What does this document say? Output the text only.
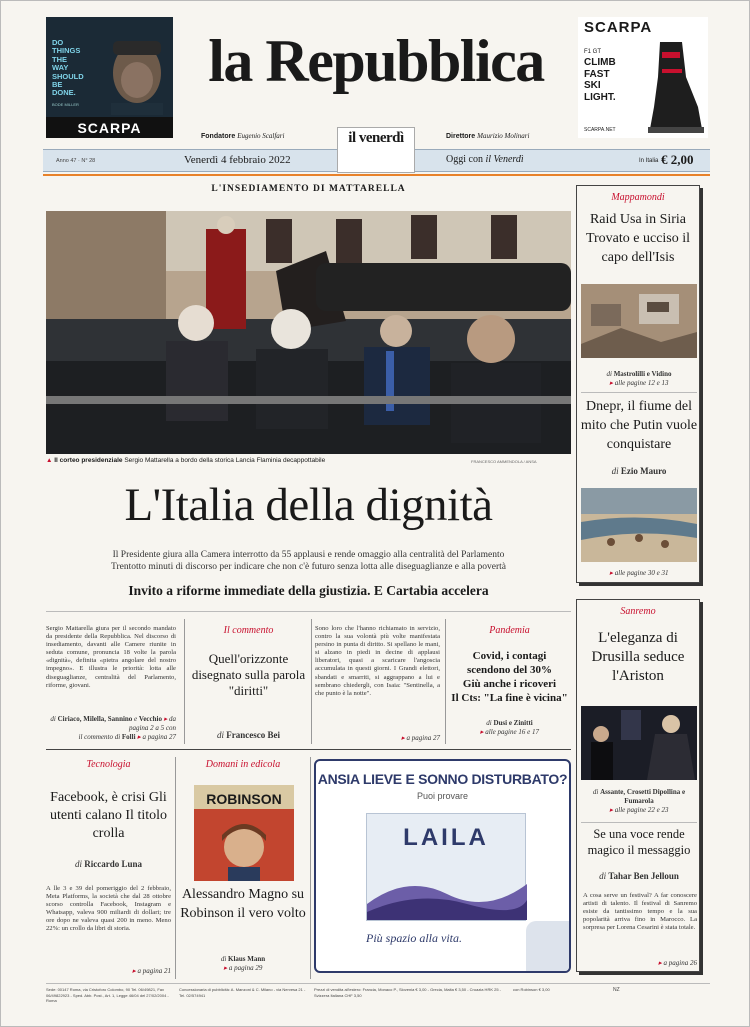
DO
THINGS
THE
WAY
SHOULD
BE
DONE.
BODE MILLER
SCARPA
la Repubblica
Fondatore Eugenio Scalfari	Direttore Maurizio Molinari
SCARPA
F1 GT
CLIMB
FAST
SKI
LIGHT.
SCARPA.NET
il venerdì
Anno 47 · N° 28	Venerdì 4 febbraio 2022	Oggi con il Venerdì	In Italia € 2,00
L'INSEDIAMENTO DI MATTARELLA
▲ Il corteo presidenziale Sergio Mattarella a bordo della storica Lancia Flaminia decappottabile	FRANCESCO AMMENDOLA / ANSA
L'Italia della dignità
Il Presidente giura alla Camera interrotto da 55 applausi e rende omaggio alla centralità del Parlamento
Trentotto minuti di discorso per indicare che non c'è futuro senza lotta alle diseguaglianze e alla povertà
Invito a riforme immediate della giustizia. E Cartabia accelera
Sergio Mattarella giura per il secondo mandato da presidente della Repubblica. Nel discorso di insediamento, davanti alle Camere riunite in seduta comune, pronuncia 18 volte la parola «dignità», definita «pietra angolare del nostro impegno». E illustra le priorità: lotta alle diseguaglianze, centralità del Parlamento, riforme, giovani.
di Ciriaco, Milella, Sannino e Vecchio ▸ da pagina 2 a 5 con
il commento di Folli ▸ a pagina 27
Il commento
Quell'orizzonte disegnato sulla parola "diritti"
di Francesco Bei
Sono loro che l'hanno richiamato in servizio, contro la sua volontà più volte manifestata persino in punta di diritto. Si spellano le mani, si alzano in piedi in decine di applausi liberatori, quasi a scaricare l'angoscia accumulata in questi giorni. I Grandi elettori, sbandati e smarriti, si aggrappano a lui e sembrano chiedergli, con Isaia: "Sentinella, a che punto è la notte".
▸ a pagina 27
Pandemia
Covid, i contagi
scendono del 30%
Giù anche i ricoveri
Il Cts: "La fine è vicina"
di Dusi e Zinitti
▸ alle pagine 16 e 17
Mappamondi
Raid Usa in Siria Trovato e ucciso il capo dell'Isis
di Mastrolilli e Vidino
▸ alle pagine 12 e 13
Dnepr, il fiume del mito che Putin vuole conquistare
di Ezio Mauro
▸ alle pagine 30 e 31
Sanremo
L'eleganza di Drusilla seduce l'Ariston
di Assante, Crosetti Dipollina e Fumarola
▸ alle pagine 22 e 23
Se una voce rende magico il messaggio
di Tahar Ben Jelloun
A cosa serve un festival? A far conoscere artisti di talento. Il festival di Sanremo esiste da tantissimo tempo e la sua popolarità arriva fino in Marocco. La sorpresa per Lorena Cesarini è stata totale.
▸ a pagina 26
Tecnologia
Facebook, è crisi Gli utenti calano Il titolo crolla
di Riccardo Luna
A lle 3 e 39 del pomeriggio del 2 febbraio, Meta Platforms, la società che dal 28 ottobre scorso controlla Facebook, Instagram e Whatsapp, valeva 900 miliardi di dollari; tre ore dopo ne valeva quasi 200 in meno. Meno 22%: un crollo da libri di storia.
▸ a pagina 21
Domani in edicola
ROBINSON
Alessandro Magno su Robinson il vero volto
di Klaus Mann
▸ a pagina 29
ANSIA LIEVE E SONNO DISTURBATO?
Puoi provare
LAILA
Più spazio alla vita.
Sede: 00147 Roma, via Cristoforo Colombo, 90 Tel. 06/49821, Fax 06/49822923 - Sped. Abb. Post., Art. 1, Legge 46/04 del 27/02/2004 - Roma
Concessionaria di pubblicità: A. Manzoni & C. Milano - via Nervesa 21 - Tel. 02/574941
Prezzi di vendita all'estero: Francia, Monaco P., Slovenia € 3,00 - Grecia, Malta € 3,50 - Croazia HRK 25 - Svizzera Italiana CHF 3,50
con Robinson € 3,00	NZ
